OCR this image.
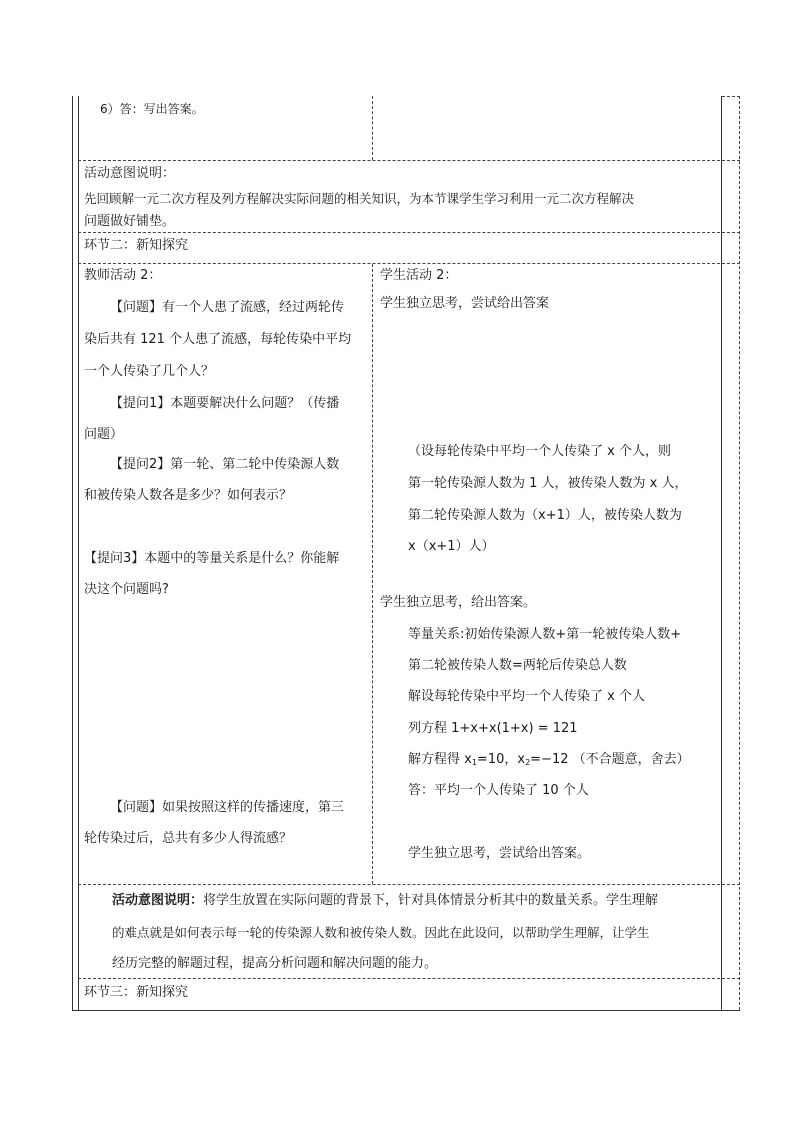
6）答：写出答案。
活动意图说明：
先回顾解一元二次方程及列方程解决实际问题的相关知识，为本节课学生学习利用一元二次方程解决
问题做好铺垫。
环节二：新知探究
教师活动 2：
【问题】有一个人患了流感，经过两轮传
染后共有 121 个人患了流感，每轮传染中平均
一个人传染了几个人？
【提问1】本题要解决什么问题？（传播
问题）
【提问2】第一轮、第二轮中传染源人数
和被传染人数各是多少？如何表示？
【提问3】本题中的等量关系是什么？你能解
决这个问题吗?
【问题】如果按照这样的传播速度，第三
轮传染过后，总共有多少人得流感？
学生活动 2：
学生独立思考，尝试给出答案
（设每轮传染中平均一个人传染了 x 个人，则
第一轮传染源人数为 1 人，被传染人数为 x 人，
第二轮传染源人数为（x+1）人，被传染人数为
x（x+1）人）
学生独立思考，给出答案。
等量关系:初始传染源人数+第一轮被传染人数+
第二轮被传染人数=两轮后传染总人数
解设每轮传染中平均一个人传染了 x 个人
列方程 1+x+x(1+x) = 121
解方程得 $x_1=10$，$x_2=-12$ （不合题意，舍去）
答：平均一个人传染了 10 个人
学生独立思考，尝试给出答案。
活动意图说明：将学生放置在实际问题的背景下，针对具体情景分析其中的数量关系。学生理解
的难点就是如何表示每一轮的传染源人数和被传染人数。因此在此设问，以帮助学生理解，让学生
经历完整的解题过程，提高分析问题和解决问题的能力。
环节三：新知探究
